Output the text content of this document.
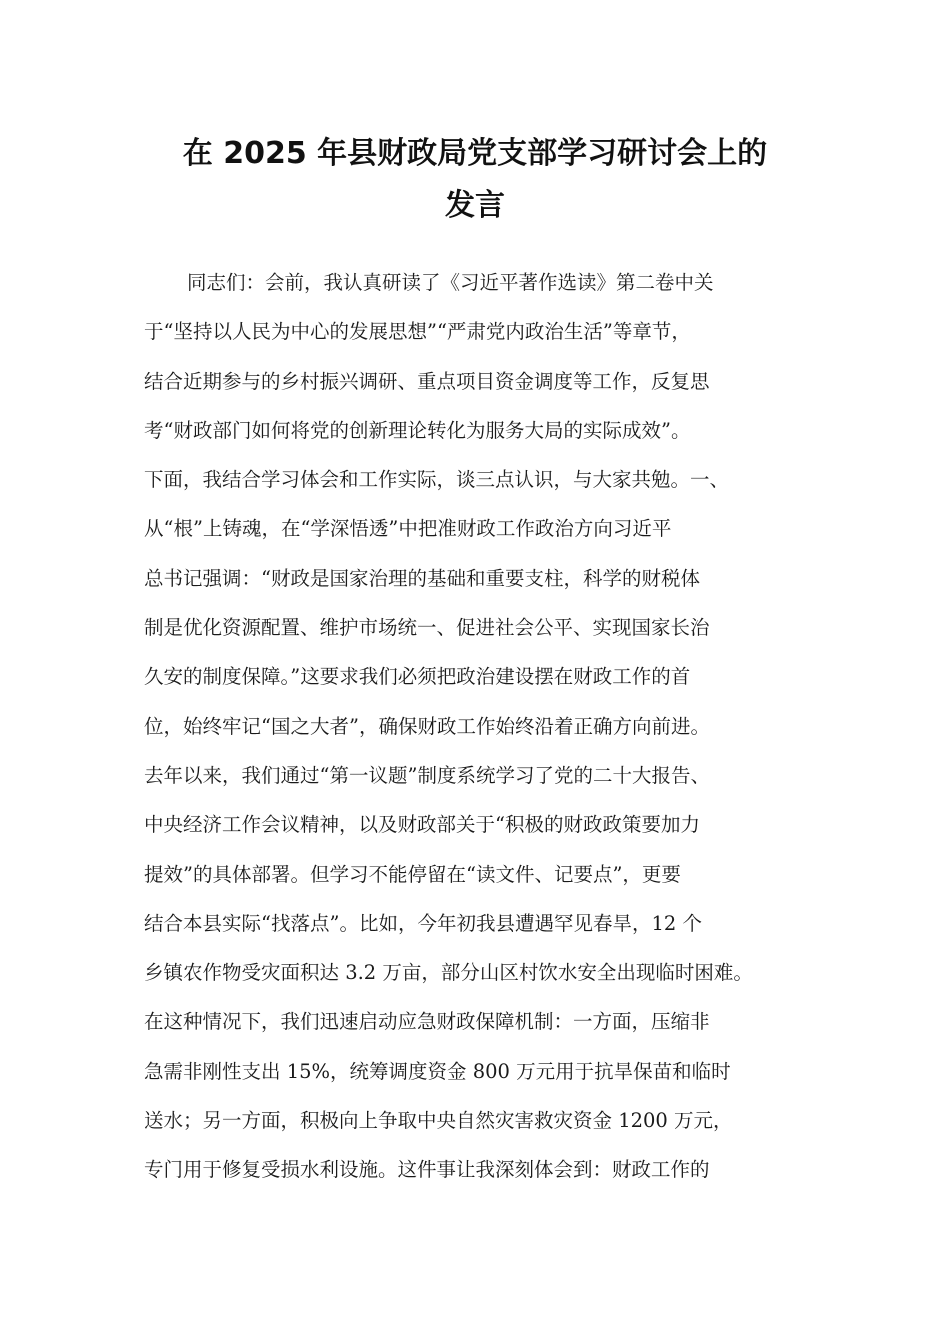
在 2025 年县财政局党支部学习研讨会上的
发言
同志们：会前，我认真研读了《习近平著作选读》第二卷中关
于“坚持以人民为中心的发展思想”“严肃党内政治生活”等章节，
结合近期参与的乡村振兴调研、重点项目资金调度等工作，反复思
考“财政部门如何将党的创新理论转化为服务大局的实际成效”。
下面，我结合学习体会和工作实际，谈三点认识，与大家共勉。一、
从“根”上铸魂，在“学深悟透”中把准财政工作政治方向习近平
总书记强调：“财政是国家治理的基础和重要支柱，科学的财税体
制是优化资源配置、维护市场统一、促进社会公平、实现国家长治
久安的制度保障。”这要求我们必须把政治建设摆在财政工作的首
位，始终牢记“国之大者”，确保财政工作始终沿着正确方向前进。
去年以来，我们通过“第一议题”制度系统学习了党的二十大报告、
中央经济工作会议精神，以及财政部关于“积极的财政政策要加力
提效”的具体部署。但学习不能停留在“读文件、记要点”，更要
结合本县实际“找落点”。比如，今年初我县遭遇罕见春旱，12 个
乡镇农作物受灾面积达 3.2 万亩，部分山区村饮水安全出现临时困难。
在这种情况下，我们迅速启动应急财政保障机制：一方面，压缩非
急需非刚性支出 15%，统筹调度资金 800 万元用于抗旱保苗和临时
送水；另一方面，积极向上争取中央自然灾害救灾资金 1200 万元，
专门用于修复受损水利设施。这件事让我深刻体会到：财政工作的
